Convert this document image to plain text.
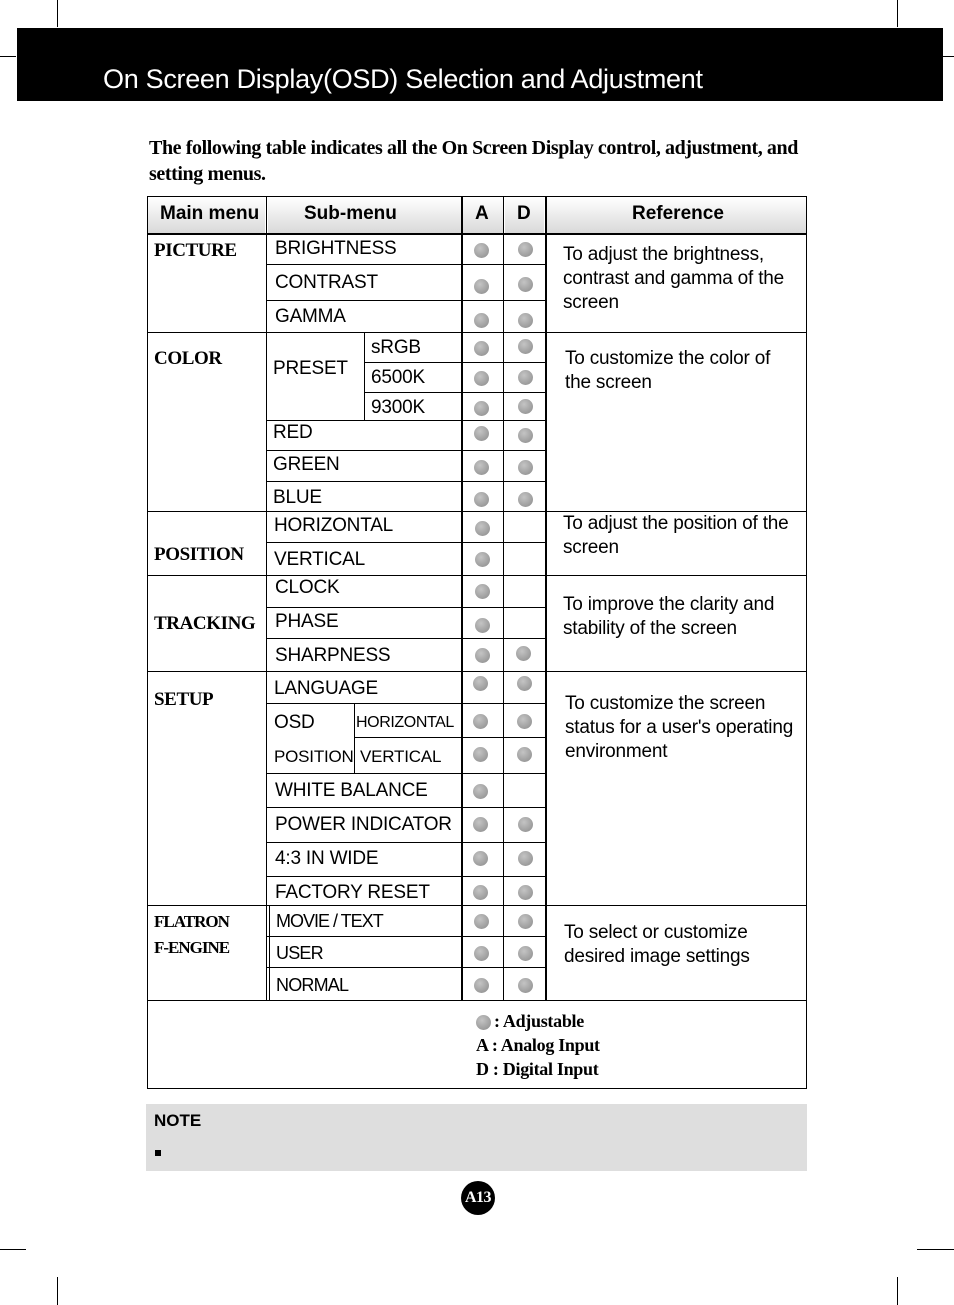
On Screen Display(OSD) Selection and Adjustment
The following table indicates all the On Screen Display control, adjustment, and setting menus.
Main menu Sub-menu	A D	Reference
PICTURE
COLOR
POSITION
TRACKING
SETUP
FLATRON
F-ENGINE
BRIGHTNESS
CONTRAST
GAMMA
PRESET
sRGB
6500K
9300K
RED
GREEN
BLUE
HORIZONTAL
VERTICAL
CLOCK
PHASE
SHARPNESS
LANGUAGE
OSD
POSITION
HORIZONTAL
VERTICAL
WHITE BALANCE
POWER INDICATOR
4:3 IN WIDE
FACTORY RESET
MOVIE / TEXT
USER
NORMAL
To adjust the brightness, contrast and gamma of the screen
To customize the color of the screen
To adjust the position of the screen
To improve the clarity and stability of the screen
To customize the screen status for a user's operating environment
To select or customize desired image settings
: Adjustable
A : Analog Input
D : Digital Input
NOTE
A13
